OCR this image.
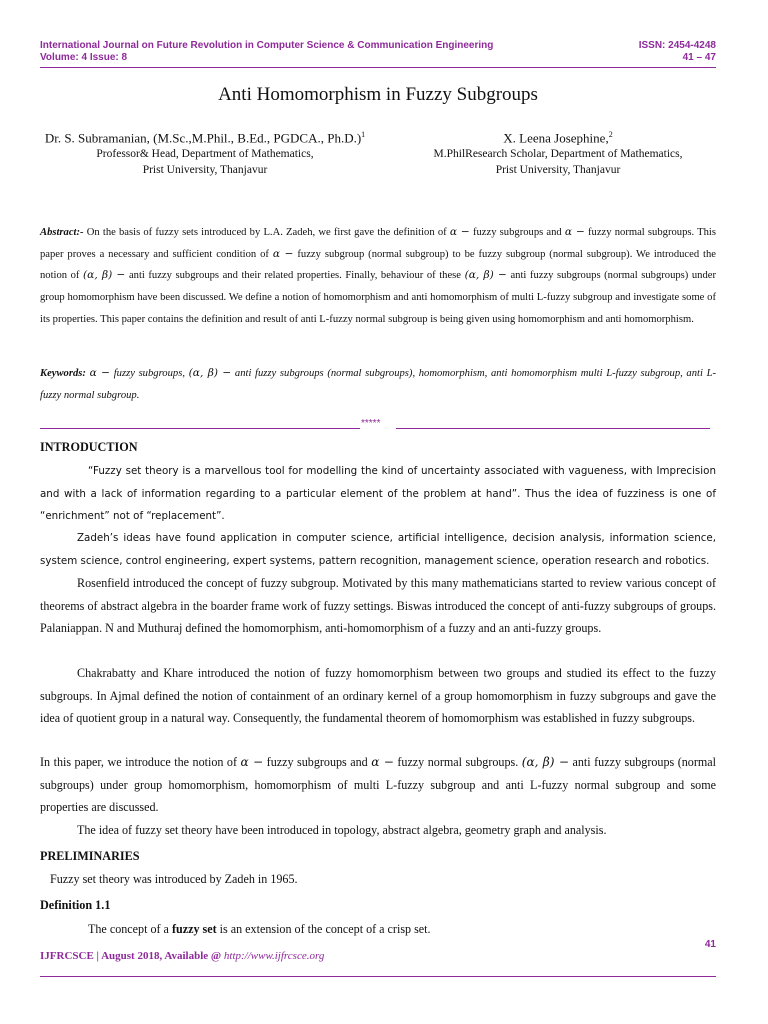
International Journal on Future Revolution in Computer Science & Communication Engineering
Volume: 4 Issue: 8
ISSN: 2454-4248
41 – 47
Anti Homomorphism in Fuzzy Subgroups
Dr. S. Subramanian, (M.Sc.,M.Phil., B.Ed., PGDCA., Ph.D.)$^1$
Professor& Head, Department of Mathematics,
Prist University, Thanjavur
X. Leena Josephine,$^2$
M.PhilResearch Scholar, Department of Mathematics,
Prist University, Thanjavur
Abstract:- On the basis of fuzzy sets introduced by L.A. Zadeh, we first gave the definition of α − fuzzy subgroups and α − fuzzy normal subgroups. This paper proves a necessary and sufficient condition of α − fuzzy subgroup (normal subgroup) to be fuzzy subgroup (normal subgroup). We introduced the notion of (α, β) − anti fuzzy subgroups and their related properties. Finally, behaviour of these (α, β) − anti fuzzy subgroups (normal subgroups) under group homomorphism have been discussed. We define a notion of homomorphism and anti homomorphism of multi L-fuzzy subgroup and investigate some of its properties. This paper contains the definition and result of anti L-fuzzy normal subgroup is being given using homomorphism and anti homomorphism.
Keywords: α − fuzzy subgroups, (α, β) − anti fuzzy subgroups (normal subgroups), homomorphism, anti homomorphism multi L-fuzzy subgroup, anti L-fuzzy normal subgroup.
*****
INTRODUCTION
“Fuzzy set theory is a marvellous tool for modelling the kind of uncertainty associated with vagueness, with Imprecision and with a lack of information regarding to a particular element of the problem at hand”. Thus the idea of fuzziness is one of “enrichment” not of “replacement”.
Zadeh’s ideas have found application in computer science, artificial intelligence, decision analysis, information science, system science, control engineering, expert systems, pattern recognition, management science, operation research and robotics.
Rosenfield introduced the concept of fuzzy subgroup. Motivated by this many mathematicians started to review various concept of theorems of abstract algebra in the boarder frame work of fuzzy settings. Biswas introduced the concept of anti-fuzzy subgroups of groups. Palaniappan. N and Muthuraj defined the homomorphism, anti-homomorphism of a fuzzy and an anti-fuzzy groups.
Chakrabatty and Khare introduced the notion of fuzzy homomorphism between two groups and studied its effect to the fuzzy subgroups. In Ajmal defined the notion of containment of an ordinary kernel of a group homomorphism in fuzzy subgroups and gave the idea of quotient group in a natural way. Consequently, the fundamental theorem of homomorphism was established in fuzzy subgroups.
In this paper, we introduce the notion of α − fuzzy subgroups and α − fuzzy normal subgroups. (α, β) − anti fuzzy subgroups (normal subgroups) under group homomorphism, homomorphism of multi L-fuzzy subgroup and anti L-fuzzy normal subgroup and some properties are discussed.
The idea of fuzzy set theory have been introduced in topology, abstract algebra, geometry graph and analysis.
PRELIMINARIES
Fuzzy set theory was introduced by Zadeh in 1965.
Definition 1.1
The concept of a fuzzy set is an extension of the concept of a crisp set.
41
IJFRCSCE | August 2018, Available @ http://www.ijfrcsce.org
